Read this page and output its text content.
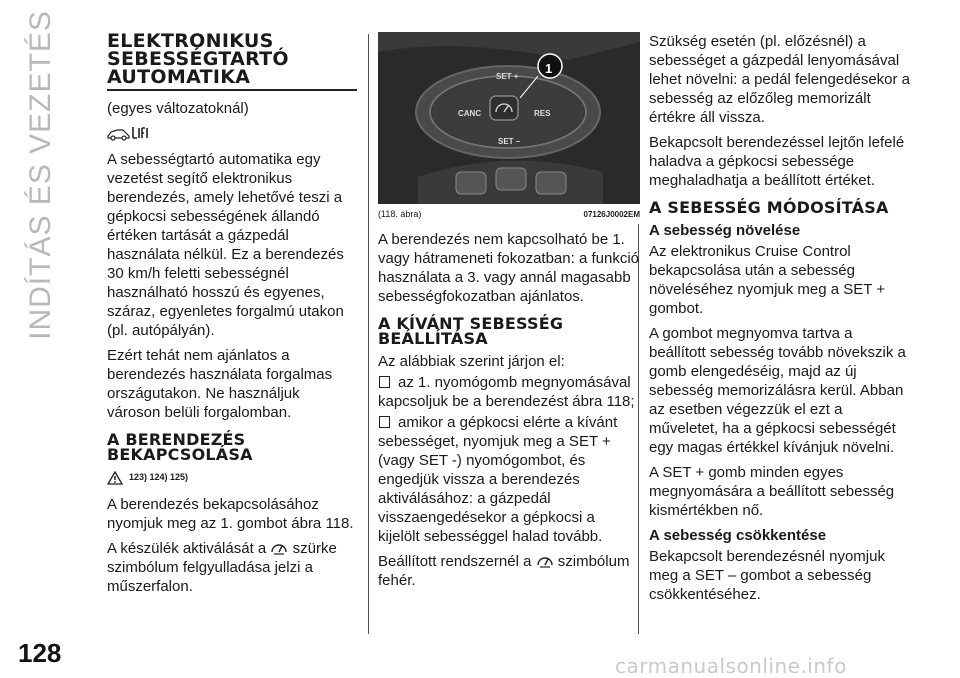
INDÍTÁS ÉS VEZETÉS	ELEKTRONIKUS SEBESSÉGTARTÓ AUTOMATIKA

(egyes változatoknál)

A sebességtartó automatika egy vezetést segítő elektronikus berendezés, amely lehetővé teszi a gépkocsi sebességének állandó értéken tartását a gázpedál használata nélkül. Ez a berendezés 30 km/h feletti sebességnél használható hosszú és egyenes, száraz, egyenletes forgalmú utakon (pl. autópályán).

Ezért tehát nem ajánlatos a berendezés használata forgalmas országutakon. Ne használjuk városon belüli forgalomban.

A BERENDEZÉS BEKAPCSOLÁSA
123) 124) 125)

A berendezés bekapcsolásához nyomjuk meg az 1. gombot ábra 118.

A készülék aktiválását a szürke szimbólum felgyulladása jelzi a műszerfalon.

SET +
CANC	RES
SET –
1
(118. ábra)	07126J0002EM

A berendezés nem kapcsolható be 1. vagy hátrameneti fokozatban: a funkció használata a 3. vagy annál magasabb sebességfokozatban ajánlatos.

A KÍVÁNT SEBESSÉG BEÁLLÍTÁSA

Az alábbiak szerint járjon el:

az 1. nyomógomb megnyomásával kapcsoljuk be a berendezést ábra 118;

amikor a gépkocsi elérte a kívánt sebességet, nyomjuk meg a SET + (vagy SET -) nyomógombot, és engedjük vissza a berendezés aktiválásához: a gázpedál visszaengedésekor a gépkocsi a kijelölt sebességgel halad tovább.

Beállított rendszernél a szimbólum fehér.

Szükség esetén (pl. előzésnél) a sebességet a gázpedál lenyomásával lehet növelni: a pedál felengedésekor a sebesség az előzőleg memorizált értékre áll vissza.

Bekapcsolt berendezéssel lejtőn lefelé haladva a gépkocsi sebessége meghaladhatja a beállított értéket.

A SEBESSÉG MÓDOSÍTÁSA
A sebesség növelése

Az elektronikus Cruise Control bekapcsolása után a sebesség növeléséhez nyomjuk meg a SET + gombot.

A gombot megnyomva tartva a beállított sebesség tovább növekszik a gomb elengedéséig, majd az új sebesség memorizálásra kerül. Abban az esetben végezzük el ezt a műveletet, ha a gépkocsi sebességét egy magas értékkel kívánjuk növelni.

A SET + gomb minden egyes megnyomására a beállított sebesség kismértékben nő.

A sebesség csökkentése

Bekapcsolt berendezésnél nyomjuk meg a SET – gombot a sebesség csökkentéséhez.

128	carmanualsonline.info
